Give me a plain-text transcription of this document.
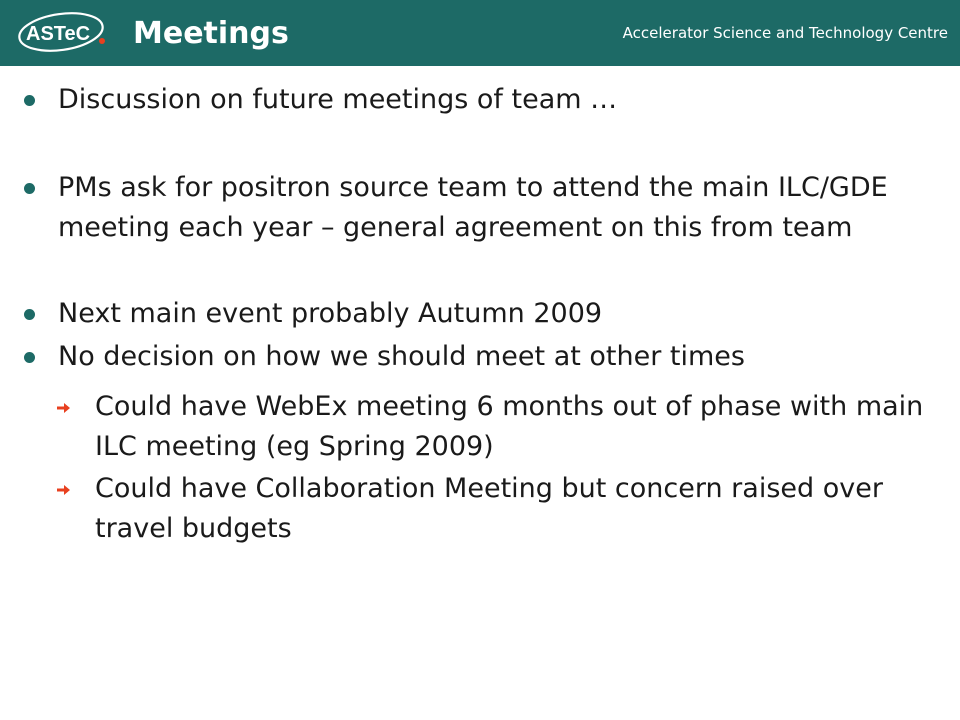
ASTeC Meetings	Accelerator Science and Technology Centre
Discussion on future meetings of team …
PMs ask for positron source team to attend the main ILC/GDE meeting each year – general agreement on this from team
Next main event probably Autumn 2009
No decision on how we should meet at other times
Could have WebEx meeting 6 months out of phase with main ILC meeting (eg Spring 2009)
Could have Collaboration Meeting but concern raised over travel budgets
